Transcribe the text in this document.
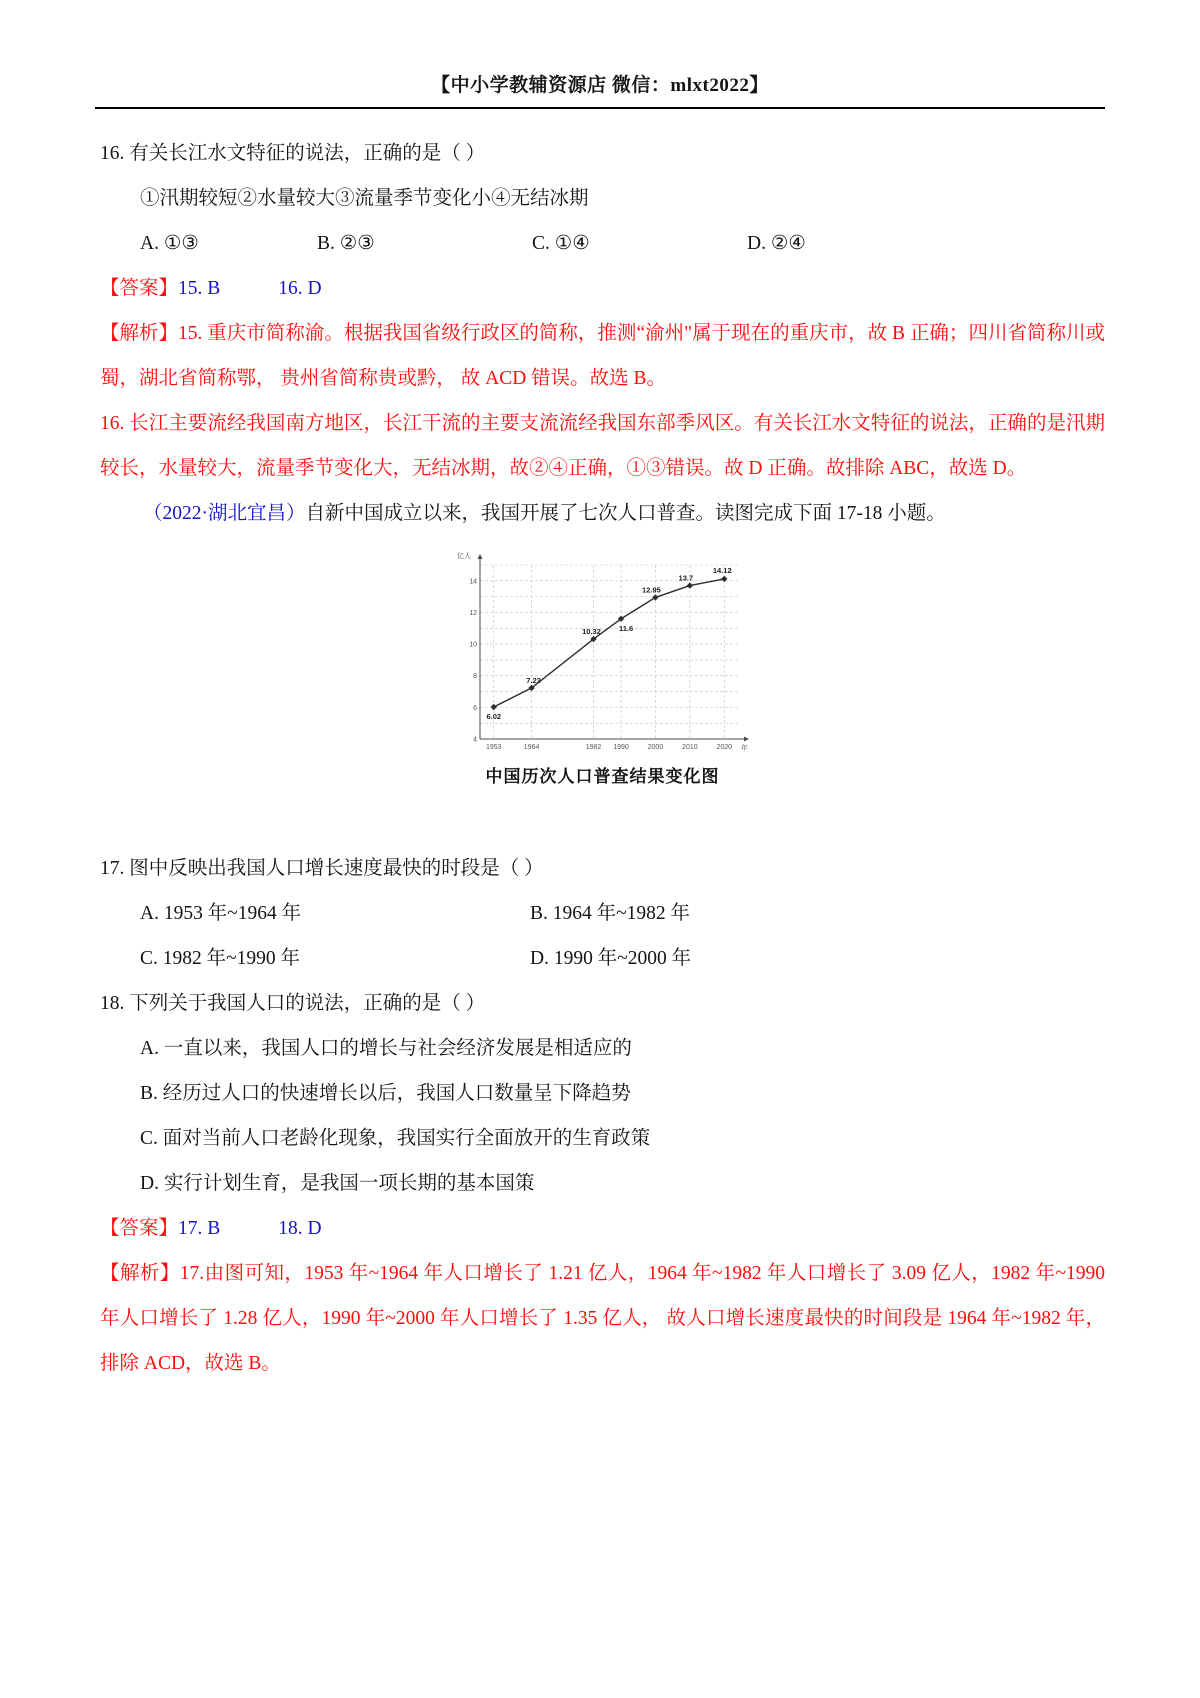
【中小学教辅资源店 微信：mlxt2022】

16. 有关长江水文特征的说法，正确的是（ ）

①汛期较短②水量较大③流量季节变化小④无结冰期

A. ①③	B. ②③	C. ①④	D. ②④

【答案】15. B	16. D

【解析】15. 重庆市简称渝。根据我国省级行政区的简称，推测“渝州"属于现在的重庆市，故 B 正确；四川省简称川或蜀，湖北省简称鄂， 贵州省简称贵或黔， 故 ACD 错误。故选 B。

16. 长江主要流经我国南方地区，长江干流的主要支流流经我国东部季风区。有关长江水文特征的说法，正确的是汛期较长，水量较大，流量季节变化大，无结冰期，故②④正确，①③错误。故 D 正确。故排除 ABC，故选 D。

（2022·湖北宜昌）自新中国成立以来，我国开展了七次人口普查。读图完成下面 17-18 小题。

4
6
8
10
12
14
1953	1964	1982 1990	2000	2010	2020
亿人
年
6.02
7.23
10.32 11.6
12.95
13.7
14.12
中国历次人口普查结果变化图

17. 图中反映出我国人口增长速度最快的时段是（ ）

A. 1953 年~1964 年	B. 1964 年~1982 年
C. 1982 年~1990 年	D. 1990 年~2000 年

18. 下列关于我国人口的说法，正确的是（ ）

A. 一直以来，我国人口的增长与社会经济发展是相适应的

B. 经历过人口的快速增长以后，我国人口数量呈下降趋势

C. 面对当前人口老龄化现象，我国实行全面放开的生育政策

D. 实行计划生育，是我国一项长期的基本国策

【答案】17. B	18. D

【解析】17.由图可知，1953 年~1964 年人口增长了 1.21 亿人，1964 年~1982 年人口增长了 3.09 亿人，1982 年~1990 年人口增长了 1.28 亿人，1990 年~2000 年人口增长了 1.35 亿人， 故人口增长速度最快的时间段是 1964 年~1982 年，排除 ACD，故选 B。
